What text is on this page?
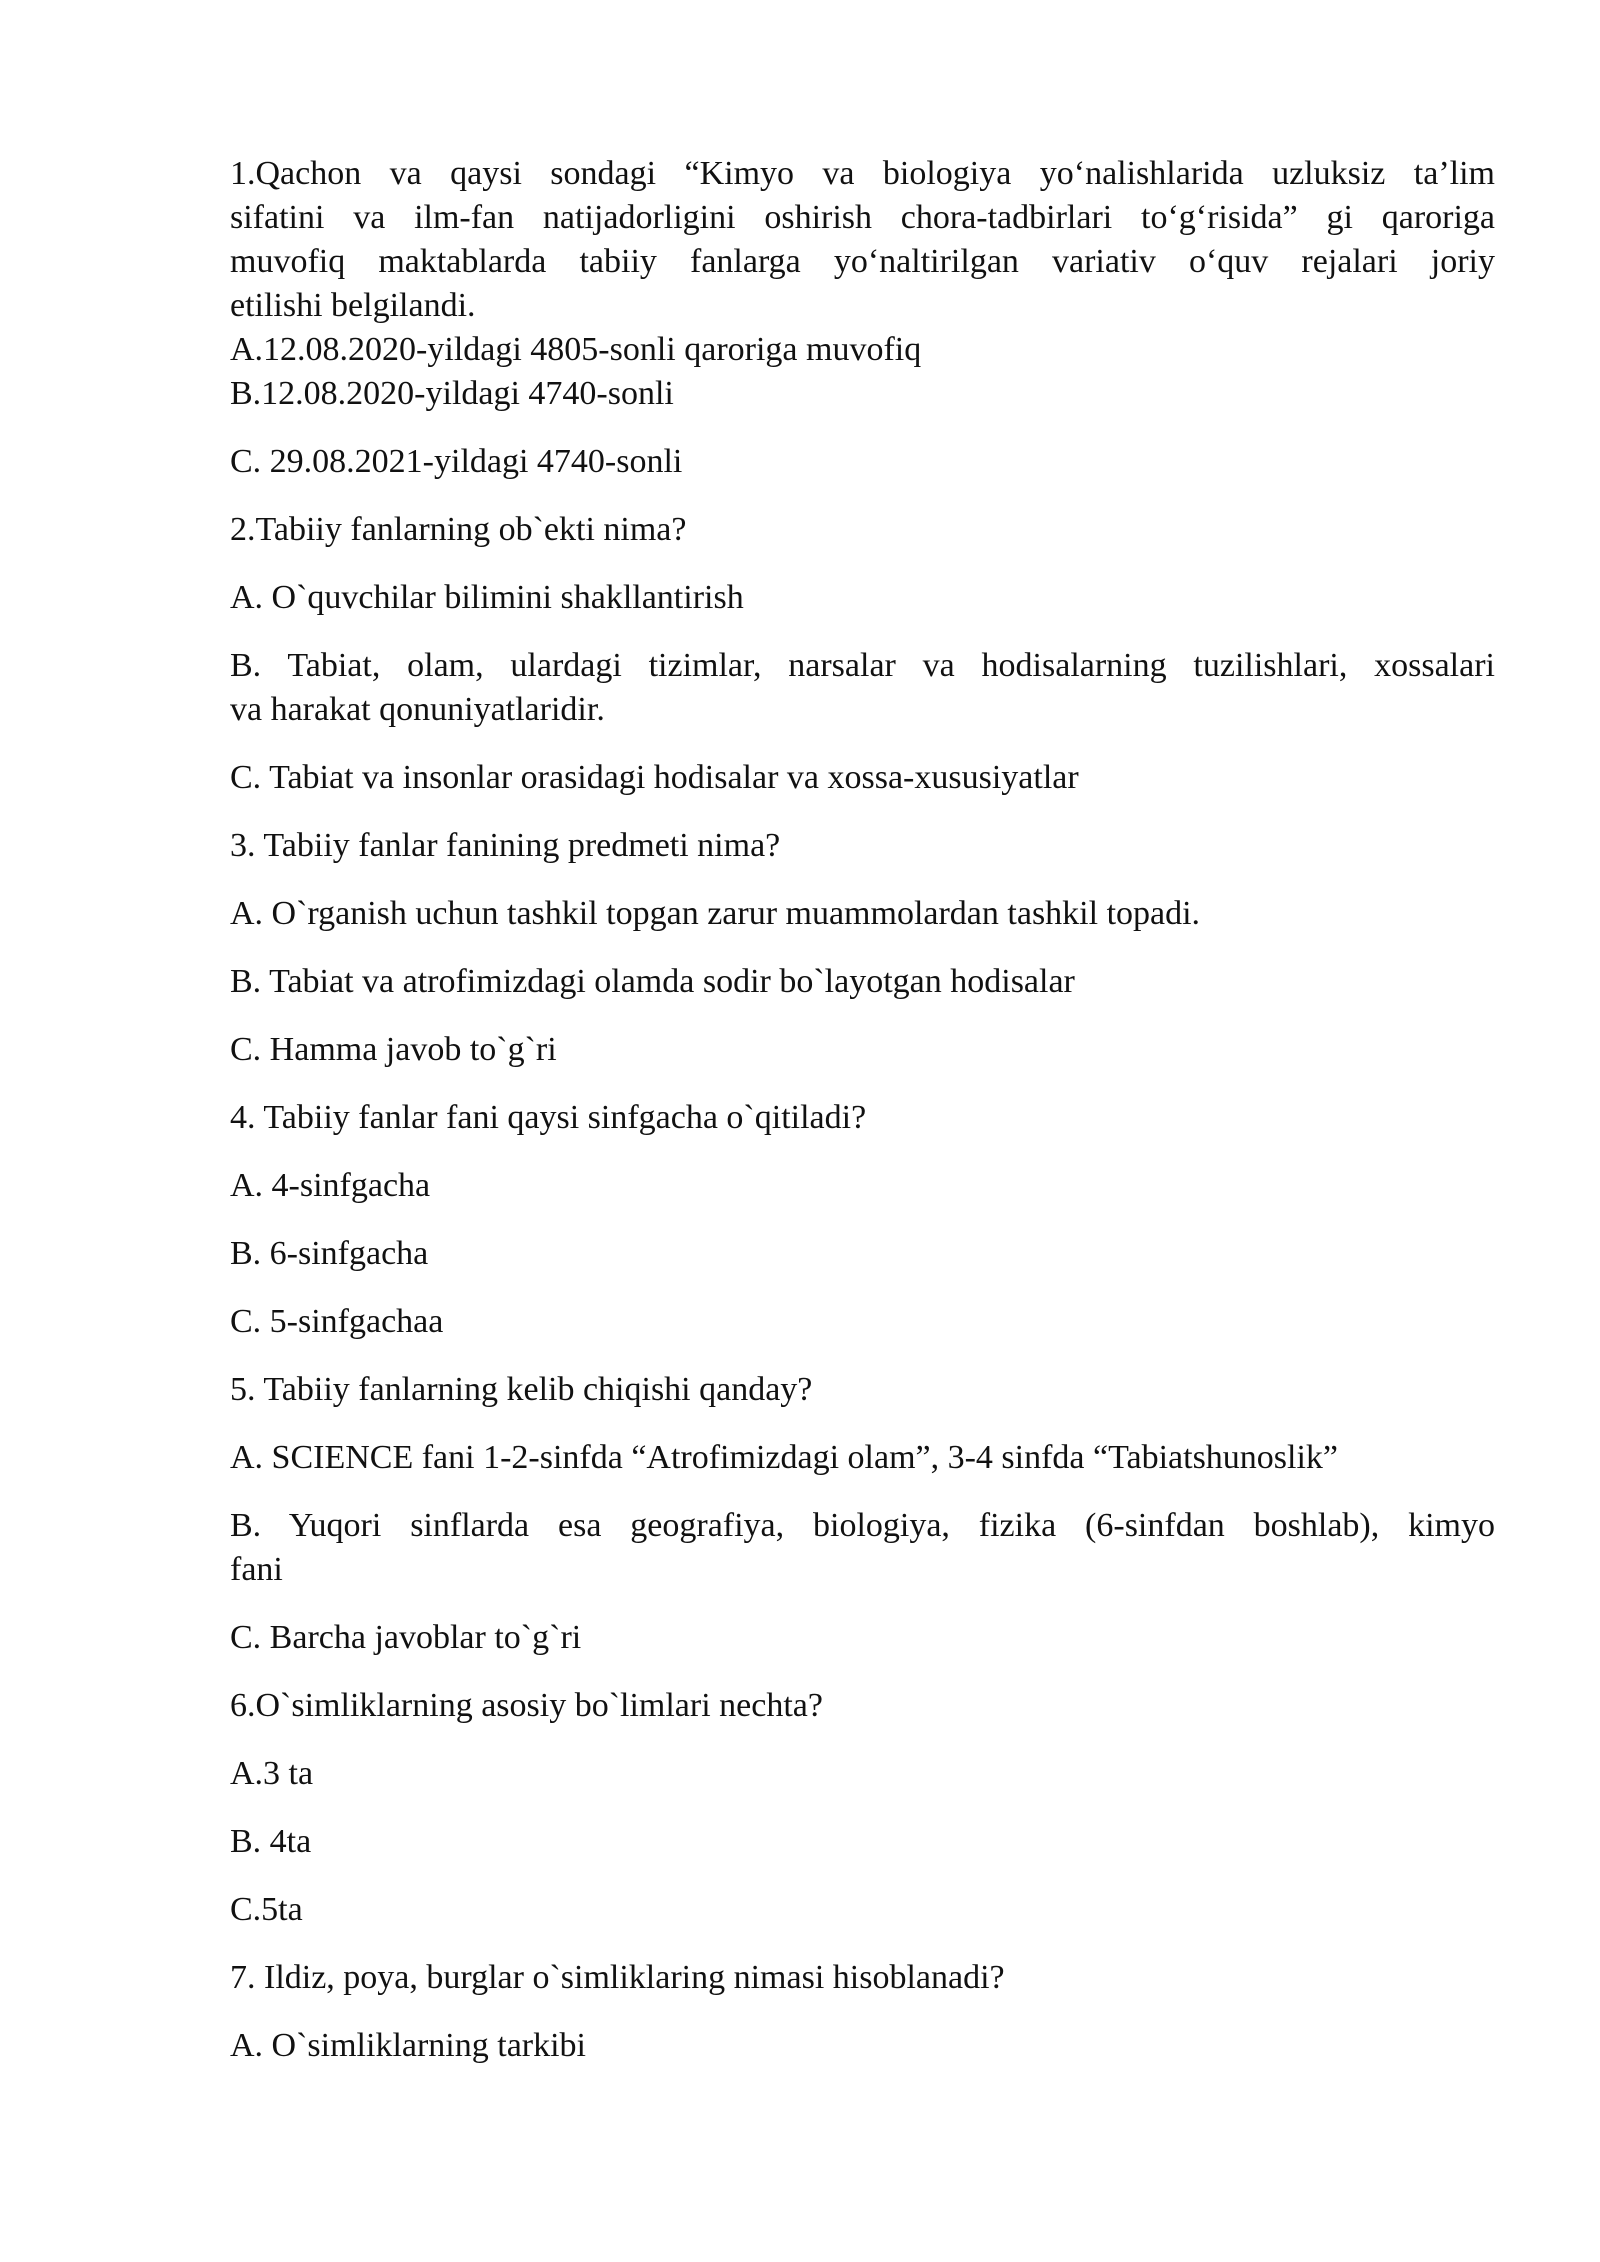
1.Qachon va qaysi sondagi “Kimyo va biologiya yo‘nalishlarida uzluksiz ta’lim

sifatini va ilm-fan natijadorligini oshirish chora-tadbirlari to‘g‘risida” gi qaroriga

muvofiq maktablarda tabiiy fanlarga yo‘naltirilgan variativ o‘quv rejalari joriy

etilishi belgilandi.

A.12.08.2020-yildagi 4805-sonli qaroriga muvofiq

B.12.08.2020-yildagi 4740-sonli

C. 29.08.2021-yildagi 4740-sonli

2.Tabiiy fanlarning ob`ekti nima?

A. O`quvchilar bilimini shakllantirish

B. Tabiat, olam, ulardagi tizimlar, narsalar va hodisalarning tuzilishlari, xossalari

va harakat qonuniyatlaridir.

C. Tabiat va insonlar orasidagi hodisalar va xossa-xususiyatlar

3. Tabiiy fanlar fanining predmeti nima?

A. O`rganish uchun tashkil topgan zarur muammolardan tashkil topadi.

B. Tabiat va atrofimizdagi olamda sodir bo`layotgan hodisalar

C. Hamma javob to`g`ri

4. Tabiiy fanlar fani qaysi sinfgacha o`qitiladi?

A. 4-sinfgacha

B. 6-sinfgacha

C. 5-sinfgachaa

5. Tabiiy fanlarning kelib chiqishi qanday?

A. SCIENCE fani 1-2-sinfda “Atrofimizdagi olam”, 3-4 sinfda “Tabiatshunoslik”

B. Yuqori sinflarda esa geografiya, biologiya, fizika (6-sinfdan boshlab), kimyo

fani

C. Barcha javoblar to`g`ri

6.O`simliklarning asosiy bo`limlari nechta?

A.3 ta

B. 4ta

C.5ta

7. Ildiz, poya, burglar o`simliklaring nimasi hisoblanadi?

A. O`simliklarning tarkibi
